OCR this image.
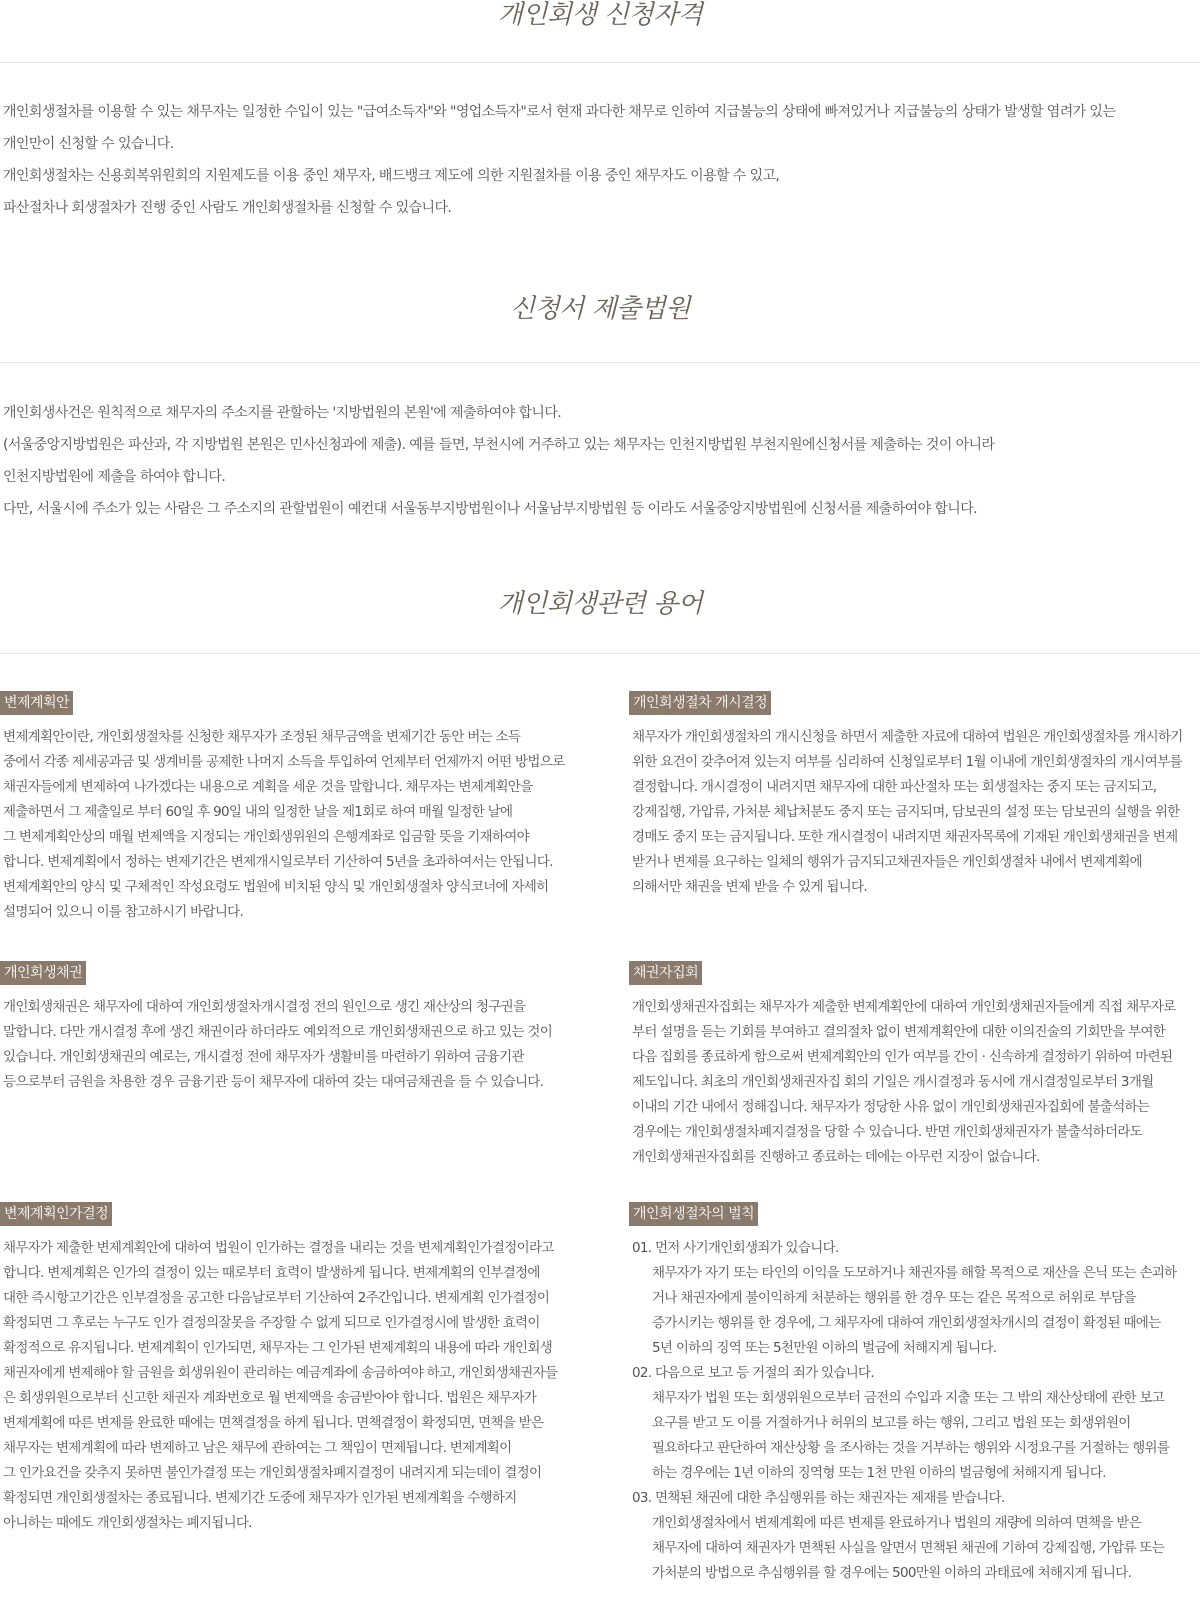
개인회생 신청자격
개인회생절차를 이용할 수 있는 채무자는 일정한 수입이 있는 "급여소득자"와 "영업소득자"로서 현재 과다한 채무로 인하여 지급불능의 상태에 빠져있거나 지급불능의 상태가 발생할 염려가 있는
개인만이 신청할 수 있습니다.
개인회생절차는 신용회복위원회의 지원제도를 이용 중인 채무자, 배드뱅크 제도에 의한 지원절차를 이용 중인 채무자도 이용할 수 있고,
파산절차나 회생절차가 진행 중인 사람도 개인회생절차를 신청할 수 있습니다.
신청서 제출법원
개인회생사건은 원칙적으로 채무자의 주소지를 관할하는 '지방법원의 본원'에 제출하여야 합니다.
(서울중앙지방법원은 파산과, 각 지방법원 본원은 민사신청과에 제출). 예를 들면, 부천시에 거주하고 있는 채무자는 인천지방법원 부천지원에신청서를 제출하는 것이 아니라
인천지방법원에 제출을 하여야 합니다.
다만, 서울시에 주소가 있는 사람은 그 주소지의 관할법원이 예컨대 서울동부지방법원이나 서울남부지방법원 등 이라도 서울중앙지방법원에 신청서를 제출하여야 합니다.
개인회생관련 용어
변제계획안
변제계획안이란, 개인회생절차를 신청한 채무자가 조정된 채무금액을 변제기간 동안 버는 소득
중에서 각종 제세공과금 및 생계비를 공제한 나머지 소득을 투입하여 언제부터 언제까지 어떤 방법으로
채권자들에게 변제하여 나가겠다는 내용으로 계획을 세운 것을 말합니다. 채무자는 변제계획안을
제출하면서 그 제출일로 부터 60일 후 90일 내의 일정한 날을 제1회로 하여 매월 일정한 날에
그 변제계획안상의 매월 변제액을 지정되는 개인회생위원의 은행계좌로 입금할 뜻을 기재하여야
합니다. 변제계획에서 정하는 변제기간은 변제개시일로부터 기산하여 5년을 초과하여서는 안됩니다.
변제계획안의 양식 및 구체적인 작성요령도 법원에 비치된 양식 및 개인회생절차 양식코너에 자세히
설명되어 있으니 이를 참고하시기 바랍니다.
개인회생절차 개시결정
채무자가 개인회생절차의 개시신청을 하면서 제출한 자료에 대하여 법원은 개인회생절차를 개시하기
위한 요건이 갖추어져 있는지 여부를 심리하여 신청일로부터 1월 이내에 개인회생절차의 개시여부를
결정합니다. 개시결정이 내려지면 채무자에 대한 파산절차 또는 회생절차는 중지 또는 금지되고,
강제집행, 가압류, 가처분 체납처분도 중지 또는 금지되며, 담보권의 설정 또는 담보권의 실행을 위한
경매도 중지 또는 금지됩니다. 또한 개시결정이 내려지면 채권자목록에 기재된 개인회생채권을 변제
받거나 변제를 요구하는 일체의 행위가 금지되고채권자들은 개인회생절차 내에서 변제계획에
의해서만 채권을 변제 받을 수 있게 됩니다.
개인회생채권
개인회생채권은 채무자에 대하여 개인회생절차개시결정 전의 원인으로 생긴 재산상의 청구권을
말합니다. 다만 개시결정 후에 생긴 채권이라 하더라도 예외적으로 개인회생채권으로 하고 있는 것이
있습니다. 개인회생채권의 예로는, 개시결정 전에 채무자가 생활비를 마련하기 위하여 금융기관
등으로부터 금원을 차용한 경우 금융기관 등이 채무자에 대하여 갖는 대여금채권을 들 수 있습니다.
채권자집회
개인회생채권자집회는 채무자가 제출한 변제계획안에 대하여 개인회생채권자들에게 직접 채무자로
부터 설명을 듣는 기회를 부여하고 결의절차 없이 변제계획안에 대한 이의진술의 기회만을 부여한
다음 집회를 종료하게 함으로써 변제계획안의 인가 여부를 간이 · 신속하게 결정하기 위하여 마련된
제도입니다. 최초의 개인회생채권자집 회의 기일은 개시결정과 동시에 개시결정일로부터 3개월
이내의 기간 내에서 정해집니다. 채무자가 정당한 사유 없이 개인회생채권자집회에 불출석하는
경우에는 개인회생절차폐지결정을 당할 수 있습니다. 반면 개인회생채권자가 불출석하더라도
개인회생채권자집회를 진행하고 종료하는 데에는 아무런 지장이 없습니다.
변제계획인가결정
채무자가 제출한 변제계획안에 대하여 법원이 인가하는 결정을 내리는 것을 변제계획인가결정이라고
합니다. 변제계획은 인가의 결정이 있는 때로부터 효력이 발생하게 됩니다. 변제계획의 인부결정에
대한 즉시항고기간은 인부결정을 공고한 다음날로부터 기산하여 2주간입니다. 변제계획 인가결정이
확정되면 그 후로는 누구도 인가 결정의잘못을 주장할 수 없게 되므로 인가결정시에 발생한 효력이
확정적으로 유지됩니다. 변제계획이 인가되면, 채무자는 그 인가된 변제계획의 내용에 따라 개인회생
채권자에게 변제해야 할 금원을 회생위원이 관리하는 예금계좌에 송금하여야 하고, 개인회생채권자들
은 회생위원으로부터 신고한 채권자 계좌번호로 월 변제액을 송금받아야 합니다. 법원은 채무자가
변제계획에 따른 변제를 완료한 때에는 면책결정을 하게 됩니다. 면책결정이 확정되면, 면책을 받은
채무자는 변제계획에 따라 변제하고 남은 채무에 관하여는 그 책임이 면제됩니다. 변제계획이
그 인가요건을 갖추지 못하면 불인가결정 또는 개인회생절차폐지결정이 내려지게 되는데이 결정이
확정되면 개인회생절차는 종료됩니다. 변제기간 도중에 채무자가 인가된 변제계획을 수행하지
아니하는 때에도 개인회생절차는 폐지됩니다.
개인회생절차의 벌칙
01. 먼저 사기개인회생죄가 있습니다.
채무자가 자기 또는 타인의 이익을 도모하거나 채권자를 해할 목적으로 재산을 은닉 또는 손괴하
거나 채권자에게 불이익하게 처분하는 행위를 한 경우 또는 같은 목적으로 허위로 부담을
증가시키는 행위를 한 경우에, 그 채무자에 대하여 개인회생절차개시의 결정이 확정된 때에는
5년 이하의 징역 또는 5천만원 이하의 벌금에 처해지게 됩니다.
02. 다음으로 보고 등 거절의 죄가 있습니다.
채무자가 법원 또는 회생위원으로부터 금전의 수입과 지출 또는 그 밖의 재산상태에 관한 보고
요구를 받고 도 이를 거절하거나 허위의 보고를 하는 행위, 그리고 법원 또는 회생위원이
필요하다고 판단하여 재산상황 을 조사하는 것을 거부하는 행위와 시정요구를 거절하는 행위를
하는 경우에는 1년 이하의 징역형 또는 1천 만원 이하의 벌금형에 처해지게 됩니다.
03. 면책된 채권에 대한 추심행위를 하는 채권자는 제재를 받습니다.
개인회생절차에서 변제계획에 따른 변제를 완료하거나 법원의 재량에 의하여 면책을 받은
채무자에 대하여 채권자가 면책된 사실을 알면서 면책된 채권에 기하여 강제집행, 가압류 또는
가처분의 방법으로 추심행위를 할 경우에는 500만원 이하의 과태료에 처해지게 됩니다.
